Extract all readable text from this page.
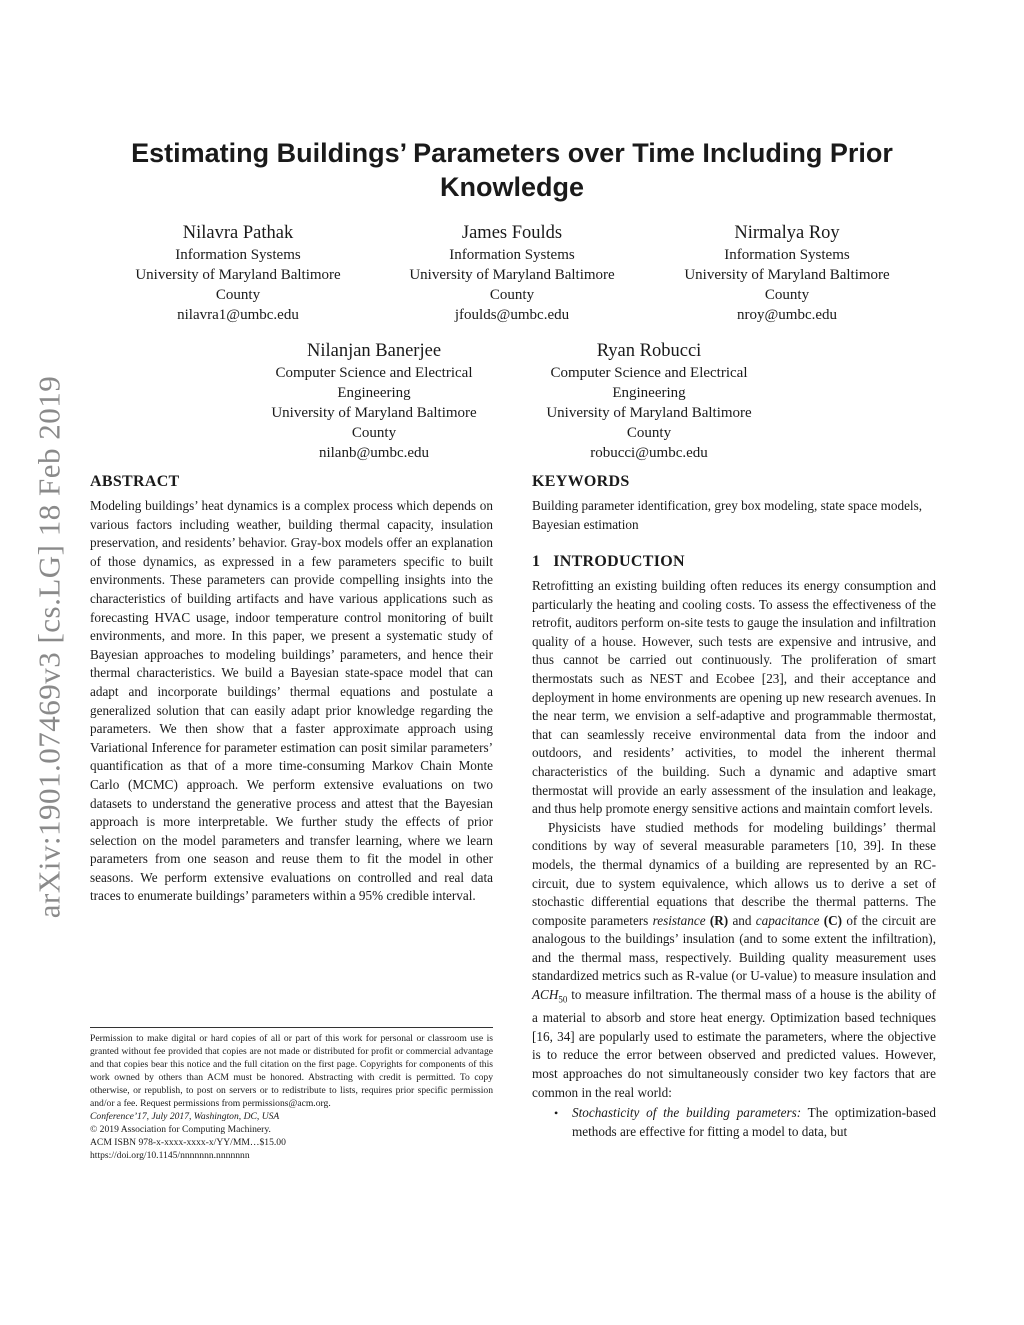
arXiv:1901.07469v3 [cs.LG] 18 Feb 2019
Estimating Buildings’ Parameters over Time Including Prior Knowledge
Nilavra Pathak
Information Systems
University of Maryland Baltimore
County
nilavra1@umbc.edu
James Foulds
Information Systems
University of Maryland Baltimore
County
jfoulds@umbc.edu
Nirmalya Roy
Information Systems
University of Maryland Baltimore
County
nroy@umbc.edu
Nilanjan Banerjee
Computer Science and Electrical
Engineering
University of Maryland Baltimore
County
nilanb@umbc.edu
Ryan Robucci
Computer Science and Electrical
Engineering
University of Maryland Baltimore
County
robucci@umbc.edu
ABSTRACT

Modeling buildings’ heat dynamics is a complex process which depends on various factors including weather, building thermal capacity, insulation preservation, and residents’ behavior. Gray-box models offer an explanation of those dynamics, as expressed in a few parameters specific to built environments. These parameters can provide compelling insights into the characteristics of building artifacts and have various applications such as forecasting HVAC usage, indoor temperature control monitoring of built environments, and more. In this paper, we present a systematic study of Bayesian approaches to modeling buildings’ parameters, and hence their thermal characteristics. We build a Bayesian state-space model that can adapt and incorporate buildings’ thermal equations and postulate a generalized solution that can easily adapt prior knowledge regarding the parameters. We then show that a faster approximate approach using Variational Inference for parameter estimation can posit similar parameters’ quantification as that of a more time-consuming Markov Chain Monte Carlo (MCMC) approach. We perform extensive evaluations on two datasets to understand the generative process and attest that the Bayesian approach is more interpretable. We further study the effects of prior selection on the model parameters and transfer learning, where we learn parameters from one season and reuse them to fit the model in other seasons. We perform extensive evaluations on controlled and real data traces to enumerate buildings’ parameters within a 95% credible interval.

Permission to make digital or hard copies of all or part of this work for personal or classroom use is granted without fee provided that copies are not made or distributed for profit or commercial advantage and that copies bear this notice and the full citation on the first page. Copyrights for components of this work owned by others than ACM must be honored. Abstracting with credit is permitted. To copy otherwise, or republish, to post on servers or to redistribute to lists, requires prior specific permission and/or a fee. Request permissions from permissions@acm.org.

Conference’17, July 2017, Washington, DC, USA

© 2019 Association for Computing Machinery.

ACM ISBN 978-x-xxxx-xxxx-x/YY/MM…$15.00

https://doi.org/10.1145/nnnnnnn.nnnnnnn

KEYWORDS

Building parameter identification, grey box modeling, state space models, Bayesian estimation

1   INTRODUCTION

Retrofitting an existing building often reduces its energy consumption and particularly the heating and cooling costs. To assess the effectiveness of the retrofit, auditors perform on-site tests to gauge the insulation and infiltration quality of a house. However, such tests are expensive and intrusive, and thus cannot be carried out continuously. The proliferation of smart thermostats such as NEST and Ecobee [23], and their acceptance and deployment in home environments are opening up new research avenues. In the near term, we envision a self-adaptive and programmable thermostat, that can seamlessly receive environmental data from the indoor and outdoors, and residents’ activities, to model the inherent thermal characteristics of the building. Such a dynamic and adaptive smart thermostat will provide an early assessment of the insulation and leakage, and thus help promote energy sensitive actions and maintain comfort levels.

Physicists have studied methods for modeling buildings’ thermal conditions by way of several measurable parameters [10, 39]. In these models, the thermal dynamics of a building are represented by an RC-circuit, due to system equivalence, which allows us to derive a set of stochastic differential equations that describe the thermal patterns. The composite parameters resistance (R) and capacitance (C) of the circuit are analogous to the buildings’ insulation (and to some extent the infiltration), and the thermal mass, respectively. Building quality measurement uses standardized metrics such as R-value (or U-value) to measure insulation and $ACH_{50}$ to measure infiltration. The thermal mass of a house is the ability of a material to absorb and store heat energy. Optimization based techniques [16, 34] are popularly used to estimate the parameters, where the objective is to reduce the error between observed and predicted values. However, most approaches do not simultaneously consider two key factors that are common in the real world:

•	Stochasticity of the building parameters: The optimization-based methods are effective for fitting a model to data, but
